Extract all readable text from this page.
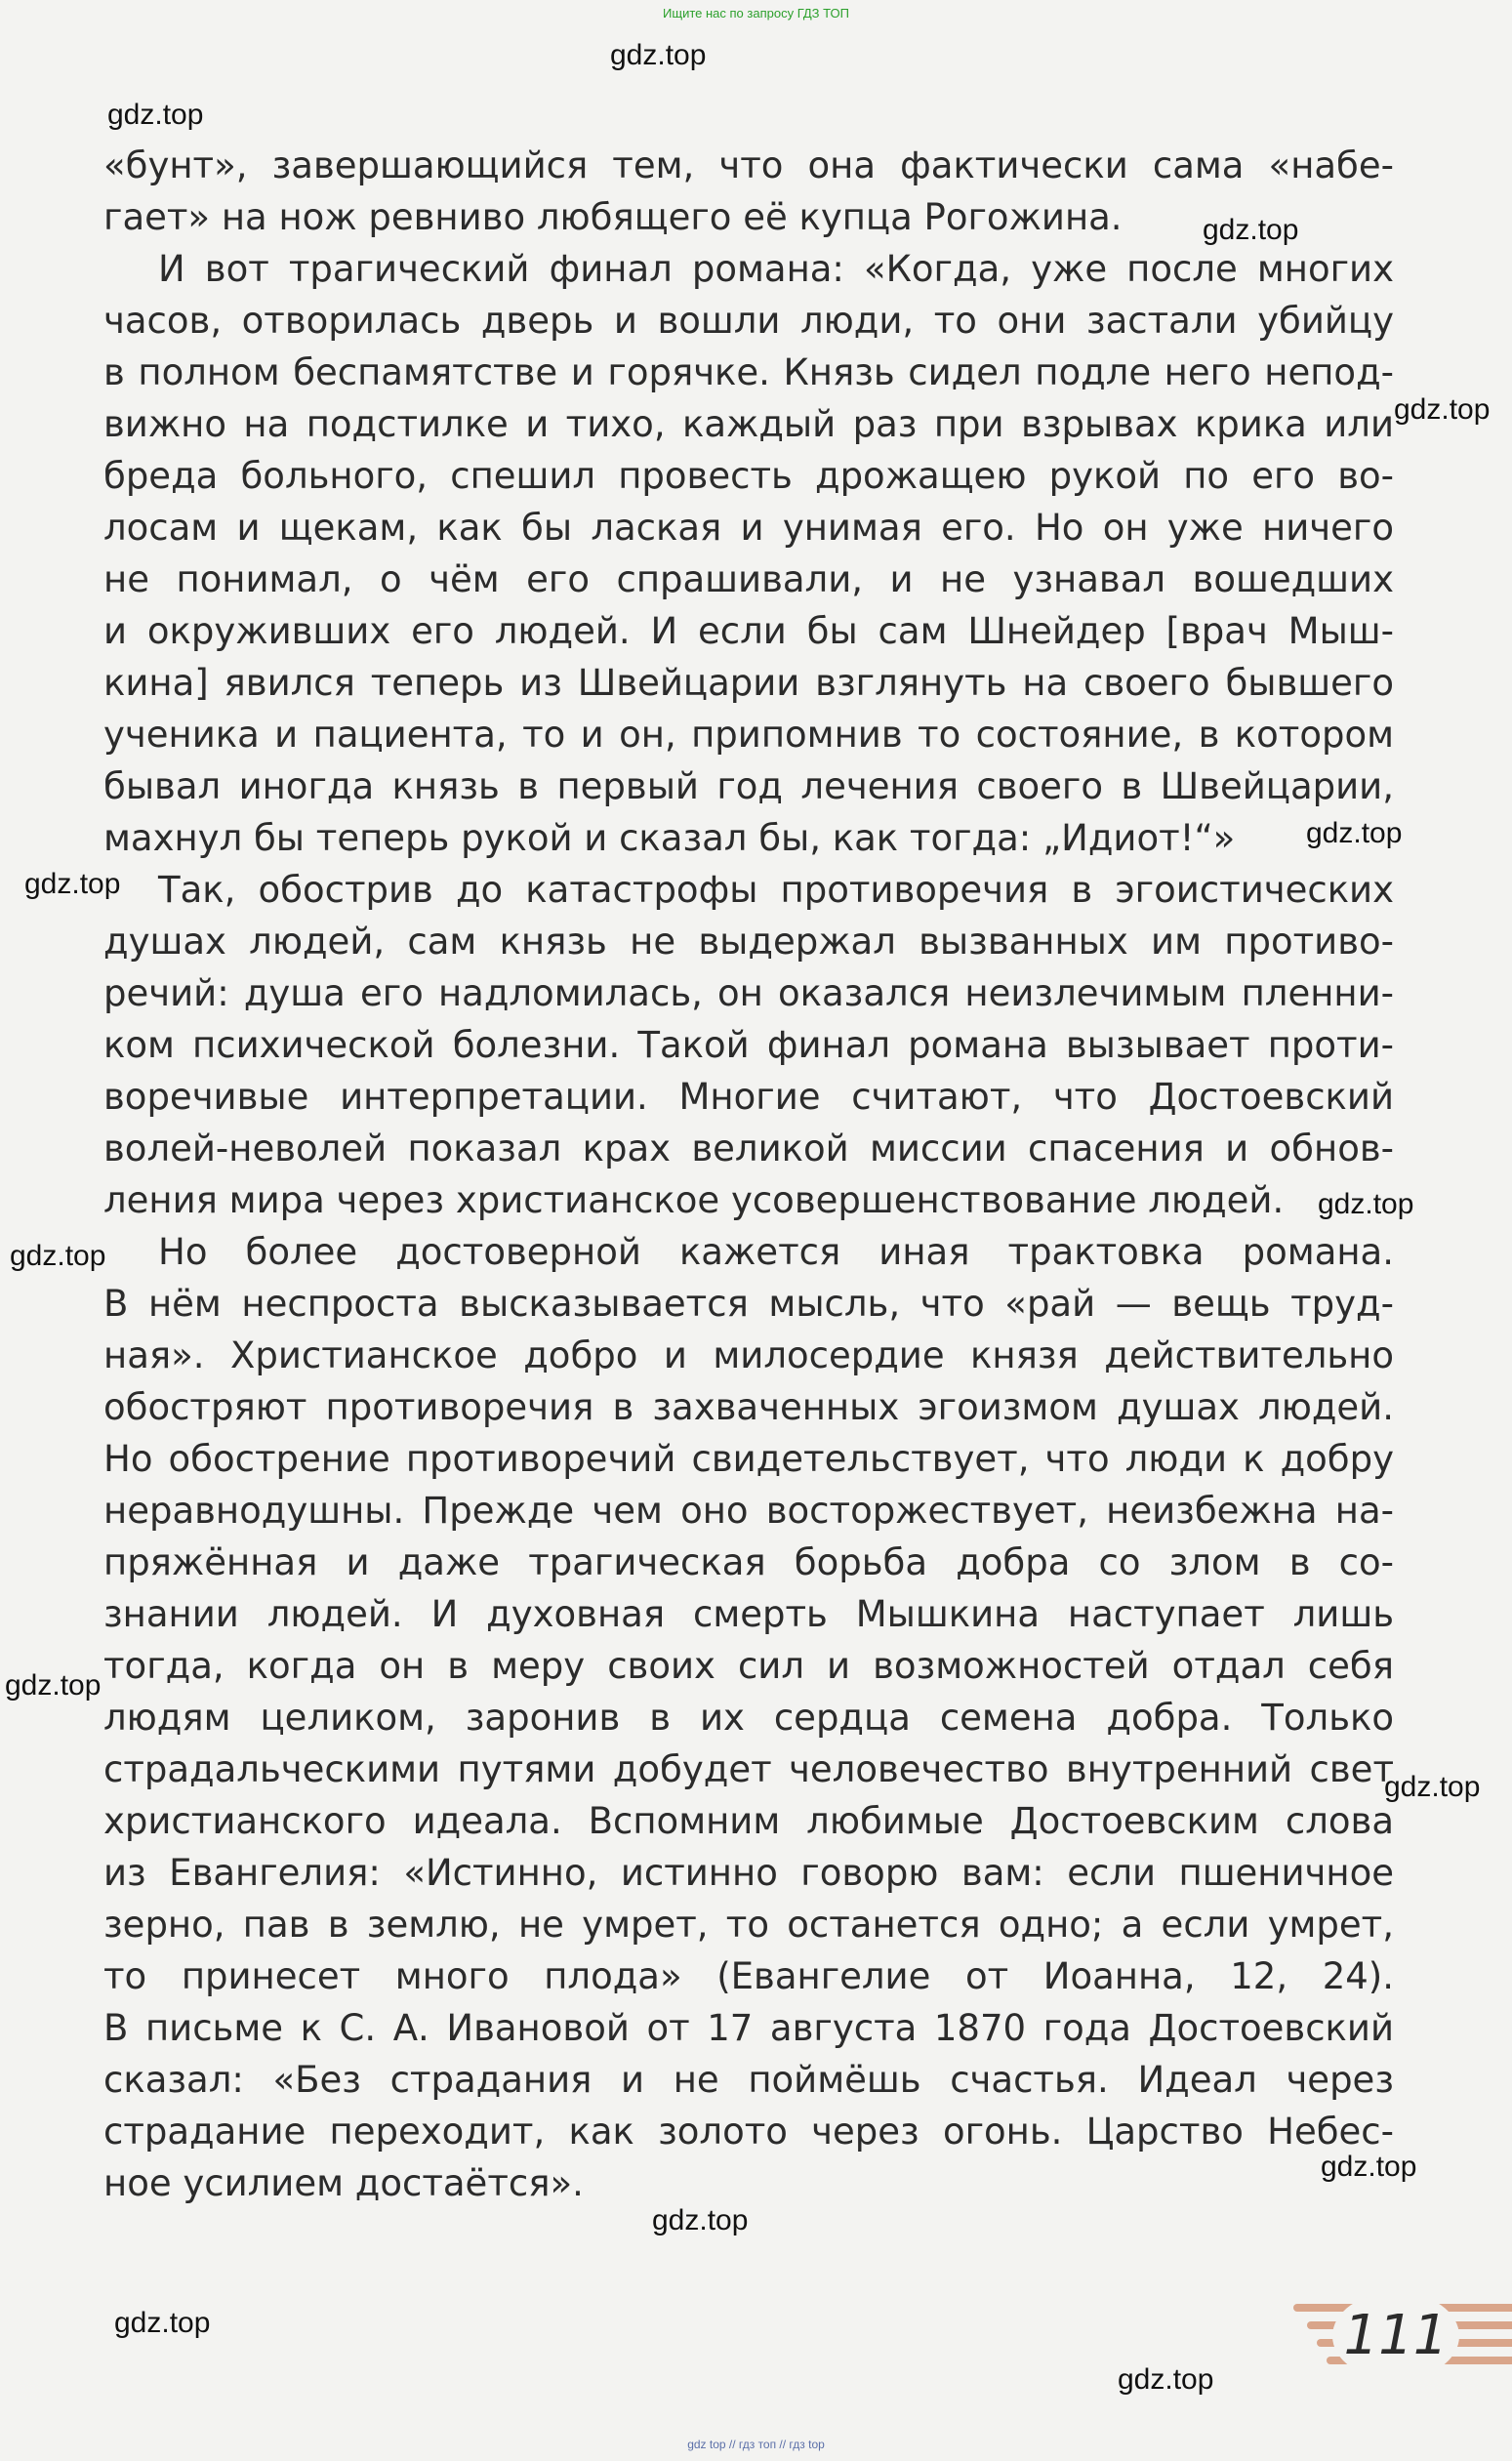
Ищите нас по запросу ГДЗ ТОП
gdz.top
gdz.top
gdz.top
gdz.top
gdz.top
gdz.top
gdz.top
gdz.top
gdz.top
gdz.top
gdz.top
gdz.top
gdz.top
gdz.top
«бунт», завершающийся тем, что она фактически сама «набе-
гает» на нож ревниво любящего её купца Рогожина.
И вот трагический финал романа: «Когда, уже после многих
часов, отворилась дверь и вошли люди, то они застали убийцу
в полном беспамятстве и горячке. Князь сидел подле него непод-
вижно на подстилке и тихо, каждый раз при взрывах крика или
бреда больного, спешил провесть дрожащею рукой по его во-
лосам и щекам, как бы лаская и унимая его. Но он уже ничего
не понимал, о чём его спрашивали, и не узнавал вошедших
и окруживших его людей. И если бы сам Шнейдер [врач Мыш-
кина] явился теперь из Швейцарии взглянуть на своего бывшего
ученика и пациента, то и он, припомнив то состояние, в котором
бывал иногда князь в первый год лечения своего в Швейцарии,
махнул бы теперь рукой и сказал бы, как тогда: „Идиот!“»
Так, обострив до катастрофы противоречия в эгоистических
душах людей, сам князь не выдержал вызванных им противо-
речий: душа его надломилась, он оказался неизлечимым пленни-
ком психической болезни. Такой финал романа вызывает проти-
воречивые интерпретации. Многие считают, что Достоевский
волей-неволей показал крах великой миссии спасения и обнов-
ления мира через христианское усовершенствование людей.
Но более достоверной кажется иная трактовка романа.
В нём неспроста высказывается мысль, что «рай — вещь труд-
ная». Христианское добро и милосердие князя действительно
обостряют противоречия в захваченных эгоизмом душах людей.
Но обострение противоречий свидетельствует, что люди к добру
неравнодушны. Прежде чем оно восторжествует, неизбежна на-
пряжённая и даже трагическая борьба добра со злом в со-
знании людей. И духовная смерть Мышкина наступает лишь
тогда, когда он в меру своих сил и возможностей отдал себя
людям целиком, заронив в их сердца семена добра. Только
страдальческими путями добудет человечество внутренний свет
христианского идеала. Вспомним любимые Достоевским слова
из Евангелия: «Истинно, истинно говорю вам: если пшеничное
зерно, пав в землю, не умрет, то останется одно; а если умрет,
то принесет много плода» (Евангелие от Иоанна, 12, 24).
В письме к С. А. Ивановой от 17 августа 1870 года Достоевский
сказал: «Без страдания и не поймёшь счастья. Идеал через
страдание переходит, как золото через огонь. Царство Небес-
ное усилием достаётся».
111
gdz top // гдз топ // гдз top
